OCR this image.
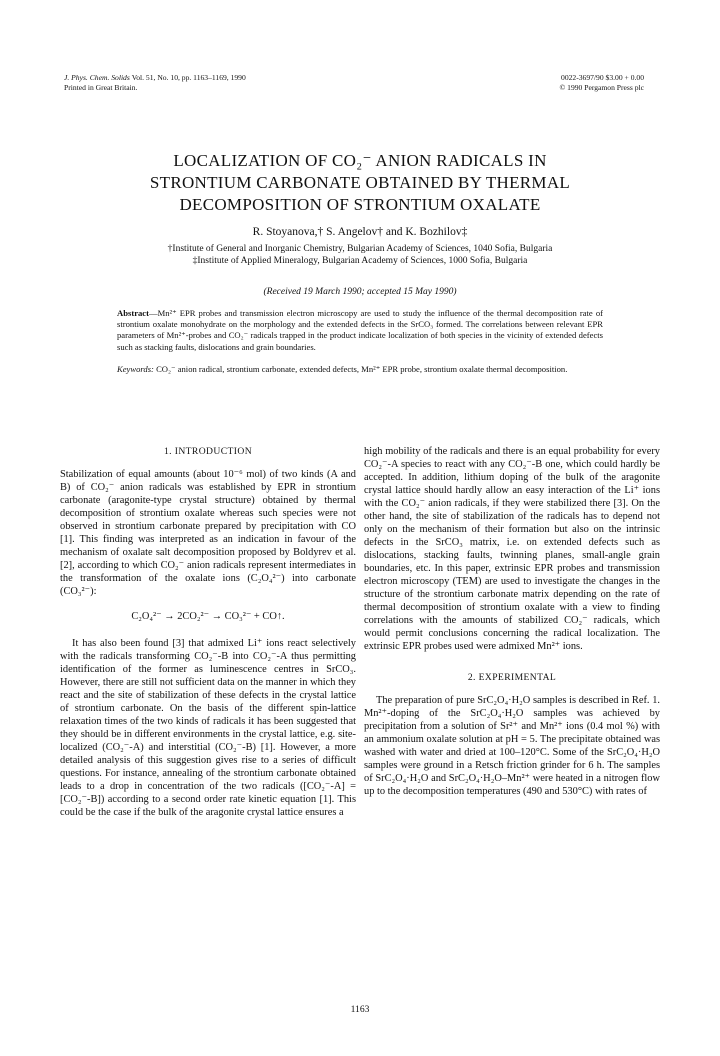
J. Phys. Chem. Solids Vol. 51, No. 10, pp. 1163–1169, 1990
Printed in Great Britain.
0022-3697/90 $3.00 + 0.00
© 1990 Pergamon Press plc
LOCALIZATION OF CO₂⁻ ANION RADICALS IN
STRONTIUM CARBONATE OBTAINED BY THERMAL
DECOMPOSITION OF STRONTIUM OXALATE
R. Stoyanova,† S. Angelov† and K. Bozhilov‡
†Institute of General and Inorganic Chemistry, Bulgarian Academy of Sciences, 1040 Sofia, Bulgaria
‡Institute of Applied Mineralogy, Bulgarian Academy of Sciences, 1000 Sofia, Bulgaria
(Received 19 March 1990; accepted 15 May 1990)

Abstract—Mn²⁺ EPR probes and transmission electron microscopy are used to study the influence of the thermal decomposition rate of strontium oxalate monohydrate on the morphology and the extended defects in the SrCO₃ formed. The correlations between relevant EPR parameters of Mn²⁺-probes and CO₂⁻ radicals trapped in the product indicate localization of both species in the vicinity of extended defects such as stacking faults, dislocations and grain boundaries.

Keywords: CO₂⁻ anion radical, strontium carbonate, extended defects, Mn²⁺ EPR probe, strontium oxalate thermal decomposition.

1. INTRODUCTION

Stabilization of equal amounts (about 10⁻⁶ mol) of two kinds (A and B) of CO₂⁻ anion radicals was established by EPR in strontium carbonate (aragonite-type crystal structure) obtained by thermal decomposition of strontium oxalate whereas such species were not observed in strontium carbonate prepared by precipitation with CO [1]. This finding was interpreted as an indication in favour of the mechanism of oxalate salt decomposition proposed by Boldyrev et al. [2], according to which CO₂⁻ anion radicals represent intermediates in the transformation of the oxalate ions (C₂O₄²⁻) into carbonate (CO₃²⁻):

C₂O₄²⁻ → 2CO₂²⁻ → CO₃²⁻ + CO↑.

It has also been found [3] that admixed Li⁺ ions react selectively with the radicals transforming CO₂⁻-B into CO₂⁻-A thus permitting identification of the former as luminescence centres in SrCO₃. However, there are still not sufficient data on the manner in which they react and the site of stabilization of these defects in the crystal lattice of strontium carbonate. On the basis of the different spin-lattice relaxation times of the two kinds of radicals it has been suggested that they should be in different environments in the crystal lattice, e.g. site-localized (CO₂⁻-A) and interstitial (CO₂⁻-B) [1]. However, a more detailed analysis of this suggestion gives rise to a series of difficult questions. For instance, annealing of the strontium carbonate obtained leads to a drop in concentration of the two radicals ([CO₂⁻-A] = [CO₂⁻-B]) according to a second order rate kinetic equation [1]. This could be the case if the bulk of the aragonite crystal lattice ensures a

high mobility of the radicals and there is an equal probability for every CO₂⁻-A species to react with any CO₂⁻-B one, which could hardly be accepted. In addition, lithium doping of the bulk of the aragonite crystal lattice should hardly allow an easy interaction of the Li⁺ ions with the CO₂⁻ anion radicals, if they were stabilized there [3]. On the other hand, the site of stabilization of the radicals has to depend not only on the mechanism of their formation but also on the intrinsic defects in the SrCO₃ matrix, i.e. on extended defects such as dislocations, stacking faults, twinning planes, small-angle grain boundaries, etc. In this paper, extrinsic EPR probes and transmission electron microscopy (TEM) are used to investigate the changes in the structure of the strontium carbonate matrix depending on the rate of thermal decomposition of strontium oxalate with a view to finding correlations with the amounts of stabilized CO₂⁻ radicals, which would permit conclusions concerning the radical localization. The extrinsic EPR probes used were admixed Mn²⁺ ions.

2. EXPERIMENTAL

The preparation of pure SrC₂O₄·H₂O samples is described in Ref. 1. Mn²⁺-doping of the SrC₂O₄·H₂O samples was achieved by precipitation from a solution of Sr²⁺ and Mn²⁺ ions (0.4 mol %) with an ammonium oxalate solution at pH = 5. The precipitate obtained was washed with water and dried at 100–120°C. Some of the SrC₂O₄·H₂O samples were ground in a Retsch friction grinder for 6 h. The samples of SrC₂O₄·H₂O and SrC₂O₄·H₂O–Mn²⁺ were heated in a nitrogen flow up to the decomposition temperatures (490 and 530°C) with rates of

1163
